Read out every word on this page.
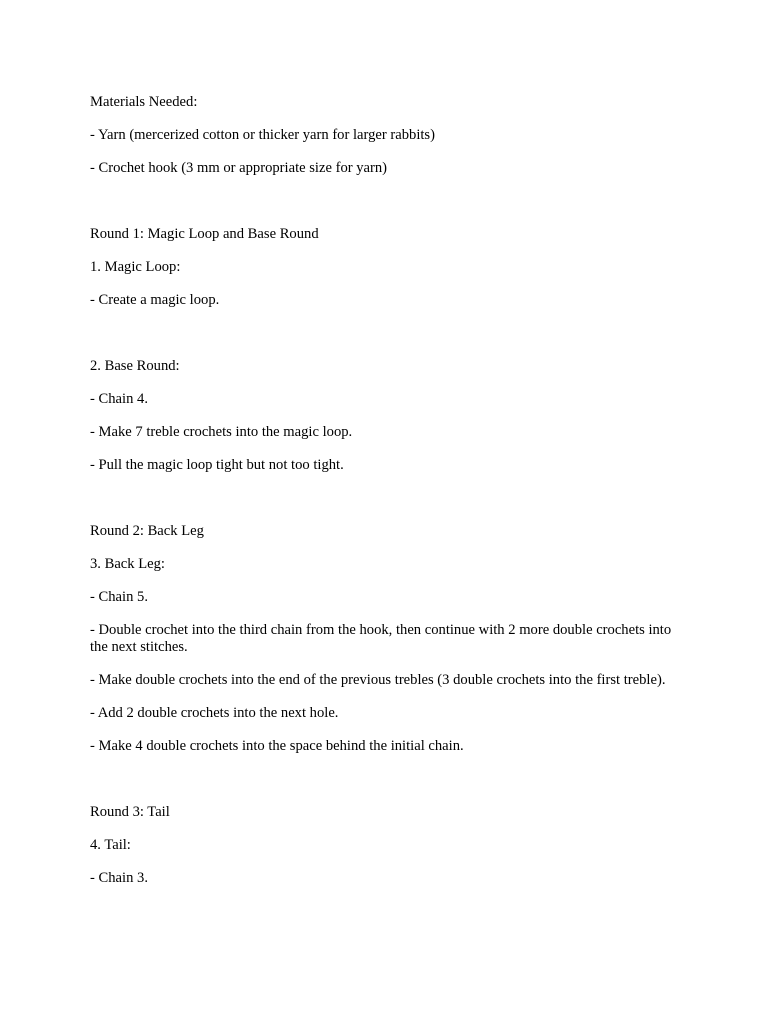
Materials Needed:

- Yarn (mercerized cotton or thicker yarn for larger rabbits)

- Crochet hook (3 mm or appropriate size for yarn)

Round 1: Magic Loop and Base Round

1. Magic Loop:

- Create a magic loop.

2. Base Round:

- Chain 4.

- Make 7 treble crochets into the magic loop.

- Pull the magic loop tight but not too tight.

Round 2: Back Leg

3. Back Leg:

- Chain 5.

- Double crochet into the third chain from the hook, then continue with 2 more double crochets into the next stitches.

- Make double crochets into the end of the previous trebles (3 double crochets into the first treble).

- Add 2 double crochets into the next hole.

- Make 4 double crochets into the space behind the initial chain.

Round 3: Tail

4. Tail:

- Chain 3.
